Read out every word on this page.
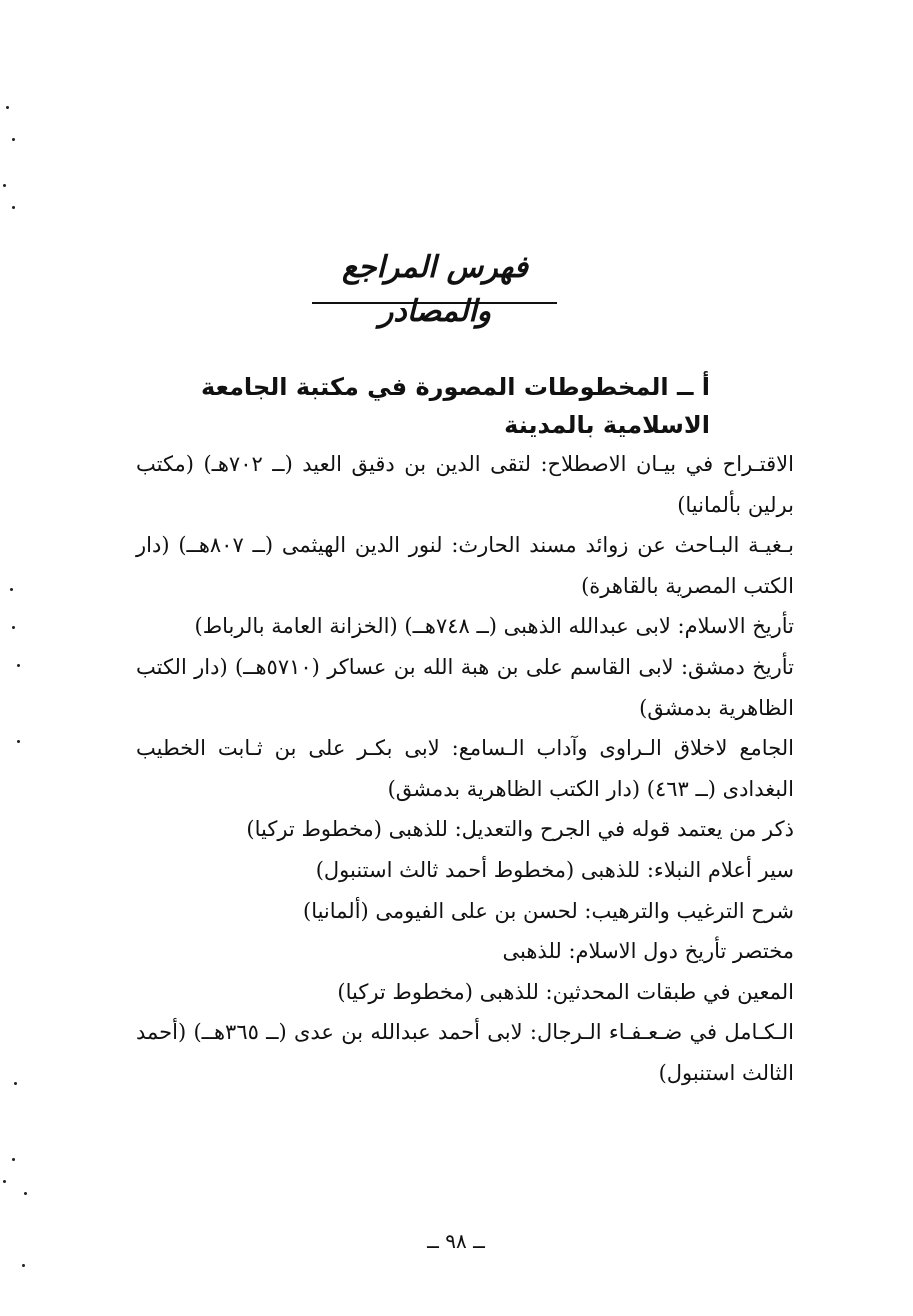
فهرس المراجع والمصادر
أ ــ المخطوطات المصورة في مكتبة الجامعة الاسلامية بالمدينة

الاقتـراح في بيـان الاصطلاح: لتقى الدين بن دقيق العيد (ــ ٧٠٢هـ) (مكتب برلين بألمانيا)

بـغيـة البـاحث عن زوائد مسند الحارث: لنور الدين الهيثمى (ــ ٨٠٧هــ) (دار الكتب المصرية بالقاهرة)

تأريخ الاسلام: لابى عبدالله الذهبى (ــ ٧٤٨هــ) (الخزانة العامة بالرباط)

تأريخ دمشق: لابى القاسم على بن هبة الله بن عساكر (٥٧١٠هــ) (دار الكتب الظاهرية بدمشق)

الجامع لاخلاق الـراوى وآداب الـسامع: لابى بكـر على بن ثـابت الخطيب البغدادى (ــ ٤٦٣) (دار الكتب الظاهرية بدمشق)

ذكر من يعتمد قوله في الجرح والتعديل: للذهبى (مخطوط تركيا)

سير أعلام النبلاء: للذهبى (مخطوط أحمد ثالث استنبول)

شرح الترغيب والترهيب: لحسن بن على الفيومى (ألمانيا)

مختصر تأريخ دول الاسلام: للذهبى

المعين في طبقات المحدثين: للذهبى (مخطوط تركيا)

الـكـامل في ضـعـفـاء الـرجال: لابى أحمد عبدالله بن عدى (ــ ٣٦٥هــ) (أحمد الثالث استنبول)

ــ ٩٨ ــ
